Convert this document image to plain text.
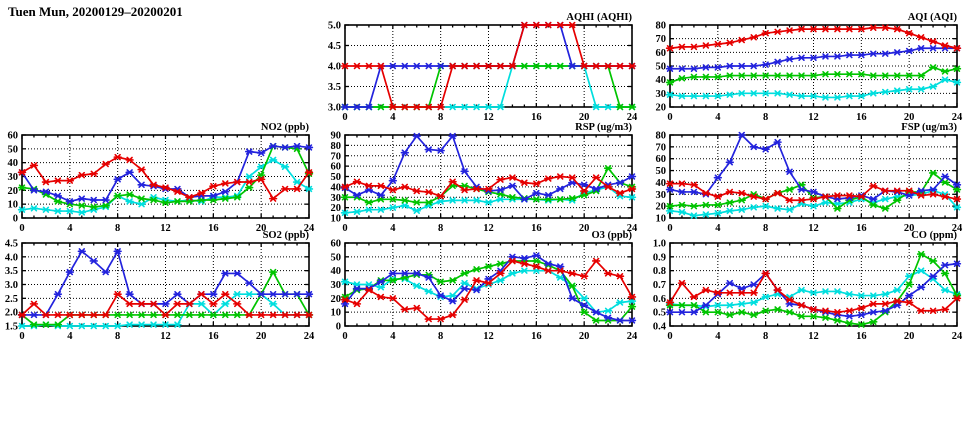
Tuen Mun, 20200129–20200201
3.0
3.5
4.0
4.5
5.0
0	4	8	12	16	20	24
AQHI (AQHI)
20
30
40
50
60
70
80
0	4	8	12	16	20	24
AQI (AQI)
0
10
20
30
40
50
60
0	4	8	12	16	20	24
NO2 (ppb)
10
20
30
40
50
60
70
80
90
0	4	8	12	16	20	24
RSP (ug/m3)
10
20
30
40
50
60
70
80
0	4	8	12	16	20	24
FSP (ug/m3)
1.5
2.0
2.5
3.0
3.5
4.0
4.5
0	4	8	12	16	20	24
SO2 (ppb)
0
10
20
30
40
50
60
0	4	8	12	16	20	24
O3 (ppb)
0.4
0.5
0.6
0.7
0.8
0.9
1.0
0	4	8	12	16	20	24
CO (ppm)
